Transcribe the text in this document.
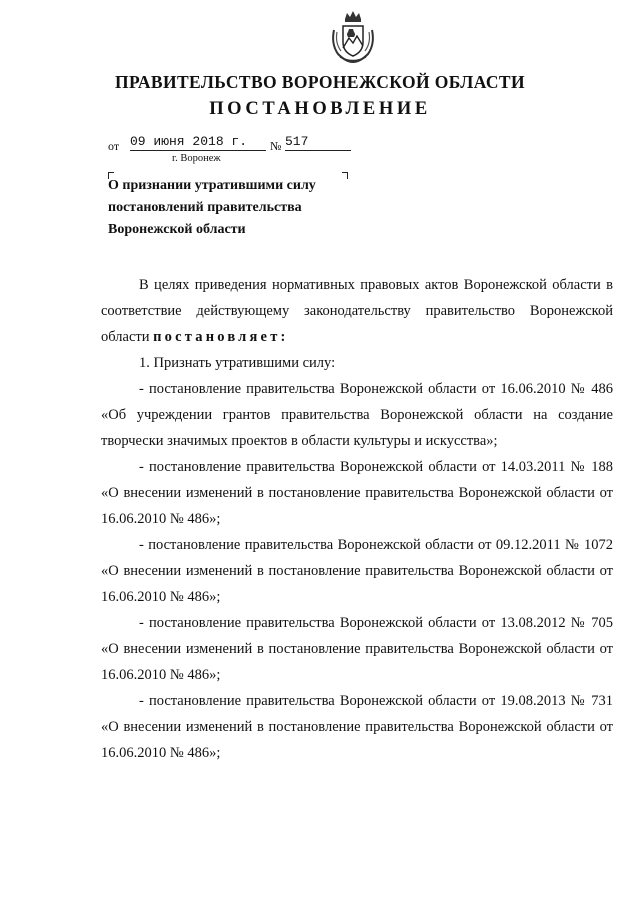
ПРАВИТЕЛЬСТВО ВОРОНЕЖСКОЙ ОБЛАСТИ
ПОСТАНОВЛЕНИЕ
от 09 июня 2018 г.	№ 517
г. Воронеж
О признании утратившими силу постановлений правительства Воронежской области

В целях приведения нормативных правовых актов Воронежской области в соответствие действующему законодательству правительство Воронежской области постановляет:

1. Признать утратившими силу:

- постановление правительства Воронежской области от 16.06.2010 № 486 «Об учреждении грантов правительства Воронежской области на создание творчески значимых проектов в области культуры и искусства»;

- постановление правительства Воронежской области от 14.03.2011 № 188 «О внесении изменений в постановление правительства Воронежской области от 16.06.2010 № 486»;

- постановление правительства Воронежской области от 09.12.2011 № 1072 «О внесении изменений в постановление правительства Воронежской области от 16.06.2010 № 486»;

- постановление правительства Воронежской области от 13.08.2012 № 705 «О внесении изменений в постановление правительства Воронежской области от 16.06.2010 № 486»;

- постановление правительства Воронежской области от 19.08.2013 № 731 «О внесении изменений в постановление правительства Воронежской области от 16.06.2010 № 486»;
